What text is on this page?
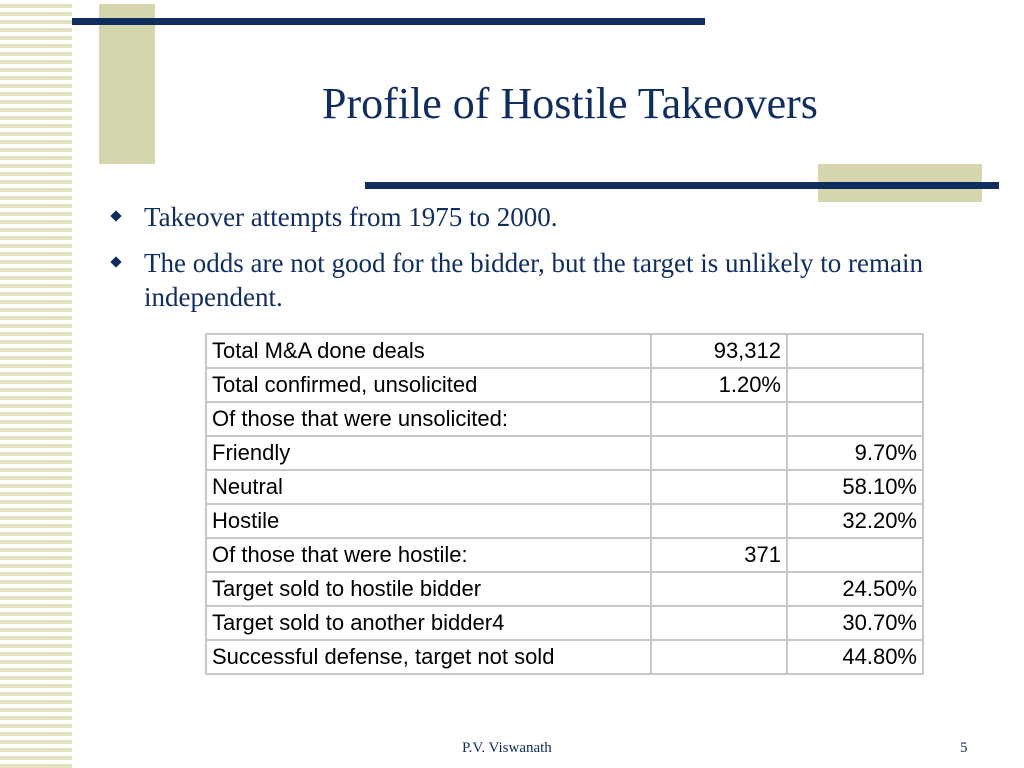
Profile of Hostile Takeovers
Takeover attempts from 1975 to 2000.
The odds are not good for the bidder, but the target is unlikely to remain independent.
Total M&A done deals	93,312	
Total confirmed, unsolicited	1.20%	
Of those that were unsolicited:		
Friendly		9.70%
Neutral		58.10%
Hostile		32.20%
Of those that were hostile:	371	
Target sold to hostile bidder		24.50%
Target sold to another bidder4		30.70%
Successful defense, target not sold		44.80%
P.V. Viswanath	5
